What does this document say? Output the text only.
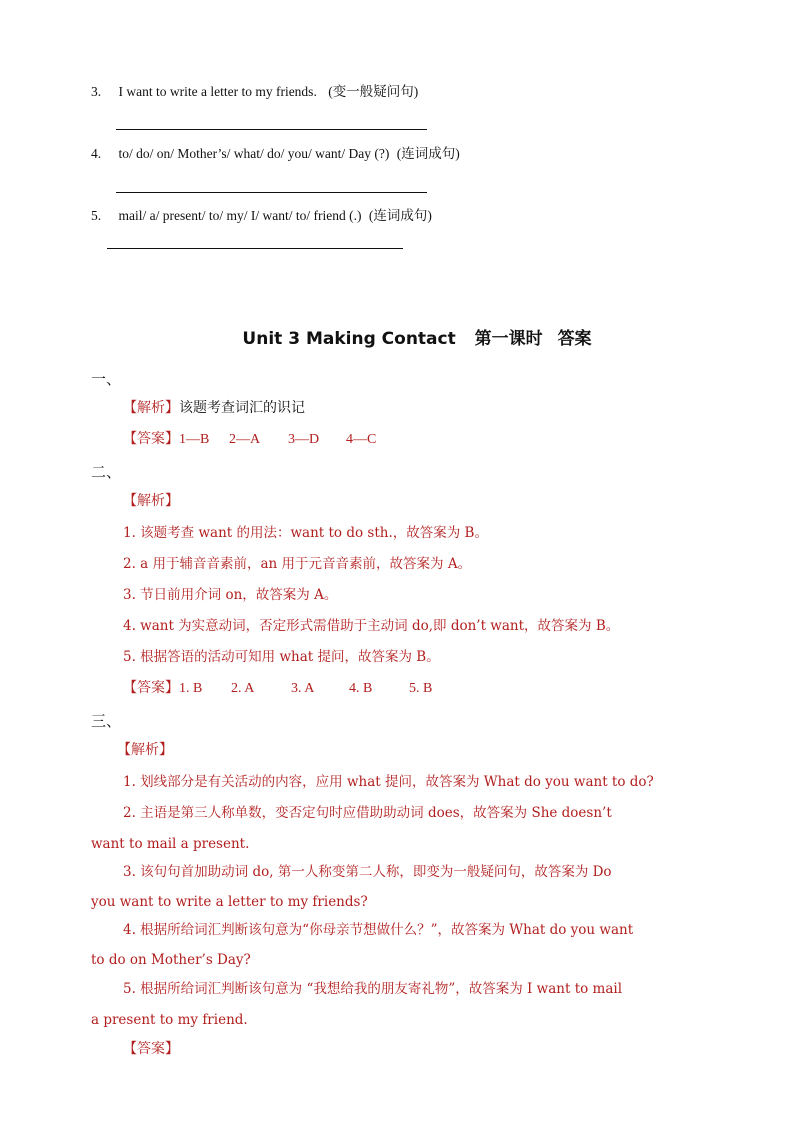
3. I want to write a letter to my friends. (变一般疑问句)
4. to/ do/ on/ Mother’s/ what/ do/ you/ want/ Day (?) (连词成句)
5. mail/ a/ present/ to/ my/ I/ want/ to/ friend (.) (连词成句)
Unit 3 Making Contact 第一课时 答案
一、
【解析】该题考查词汇的识记
【答案】1—B 2—A 3—D 4—C
二、
【解析】
1. 该题考查 want 的用法：want to do sth.，故答案为 B。
2. a 用于辅音音素前，an 用于元音音素前，故答案为 A。
3. 节日前用介词 on，故答案为 A。
4. want 为实意动词，否定形式需借助于主动词 do,即 don’t want，故答案为 B。
5. 根据答语的活动可知用 what 提问，故答案为 B。
【答案】1. B 2. A	3. A 4. B	5. B
三、
【解析】
1. 划线部分是有关活动的内容，应用 what 提问，故答案为 What do you want to do?
2. 主语是第三人称单数，变否定句时应借助助动词 does，故答案为 She doesn’t
want to mail a present.
3. 该句句首加助动词 do, 第一人称变第二人称，即变为一般疑问句，故答案为 Do
you want to write a letter to my friends?
4. 根据所给词汇判断该句意为“你母亲节想做什么？”，故答案为 What do you want
to do on Mother’s Day?
5. 根据所给词汇判断该句意为 “我想给我的朋友寄礼物”，故答案为 I want to mail
a present to my friend.
【答案】
